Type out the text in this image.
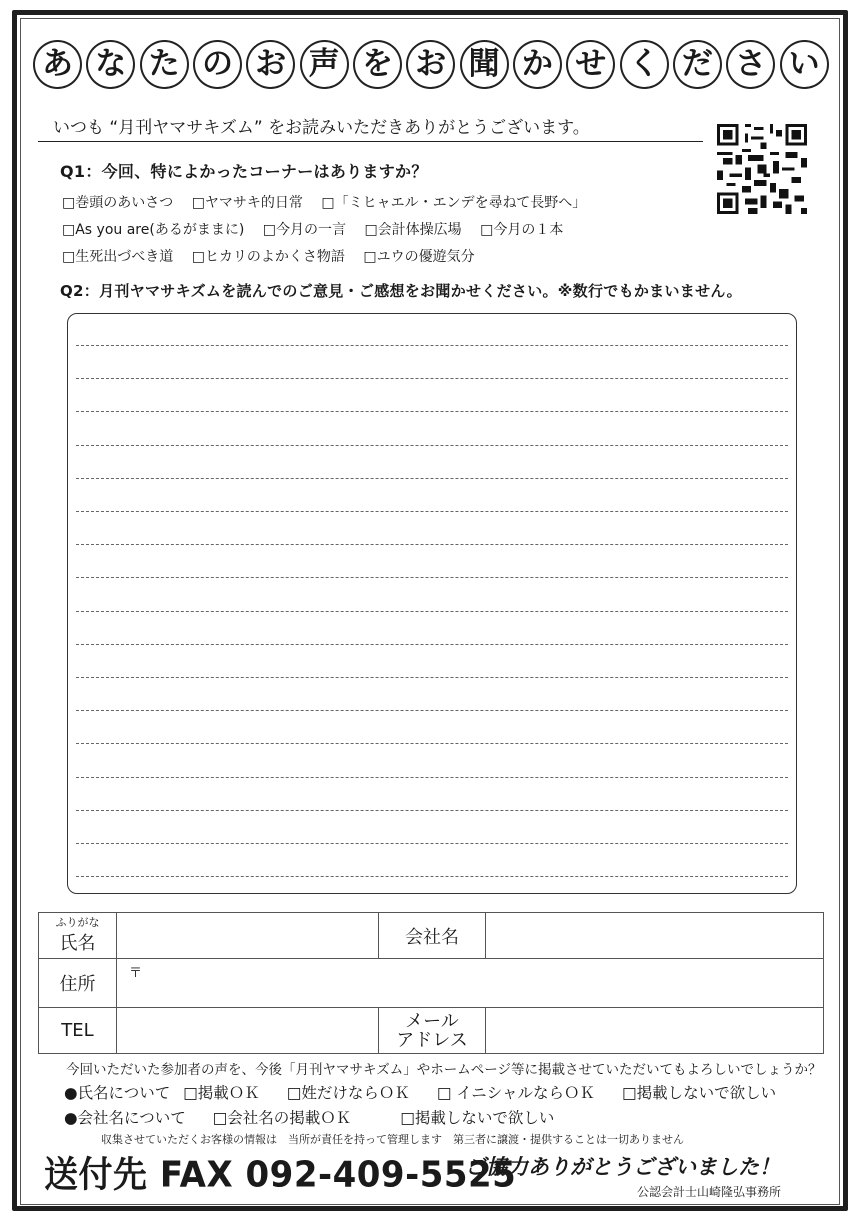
あ な た の お 声 を お 聞 か せ く だ さ い
いつも “月刊ヤマサキズム” をお読みいただきありがとうございます。
Q1：今回、特によかったコーナーはありますか？
□巻頭のあいさつ □ヤマサキ的日常 □「ミヒャエル・エンデを尋ねて長野へ」
□As you are(あるがままに) □今月の一言 □会計体操広場 □今月の１本
□生死出づべき道 □ヒカリのよかくさ物語 □ユウの優遊気分
Q2：月刊ヤマサキズムを読んでのご意見・ご感想をお聞かせください。※数行でもかまいません。
ふりがな
氏名		会社名	
住所	〒
TEL		メール
アドレス	

今回いただいた参加者の声を、今後「月刊ヤマサキズム」やホームページ等に掲載させていただいてもよろしいでしょうか？
●氏名について □掲載ＯＫ □姓だけならＯＫ □ イニシャルならＯＫ □掲載しないで欲しい
●会社名について □会社名の掲載ＯＫ	□掲載しないで欲しい
収集させていただくお客様の情報は　当所が責任を持って管理します　第三者に譲渡・提供することは一切ありません
送付先 FAX 092-409-5525
ご協力ありがとうございました！
公認会計士山崎隆弘事務所
